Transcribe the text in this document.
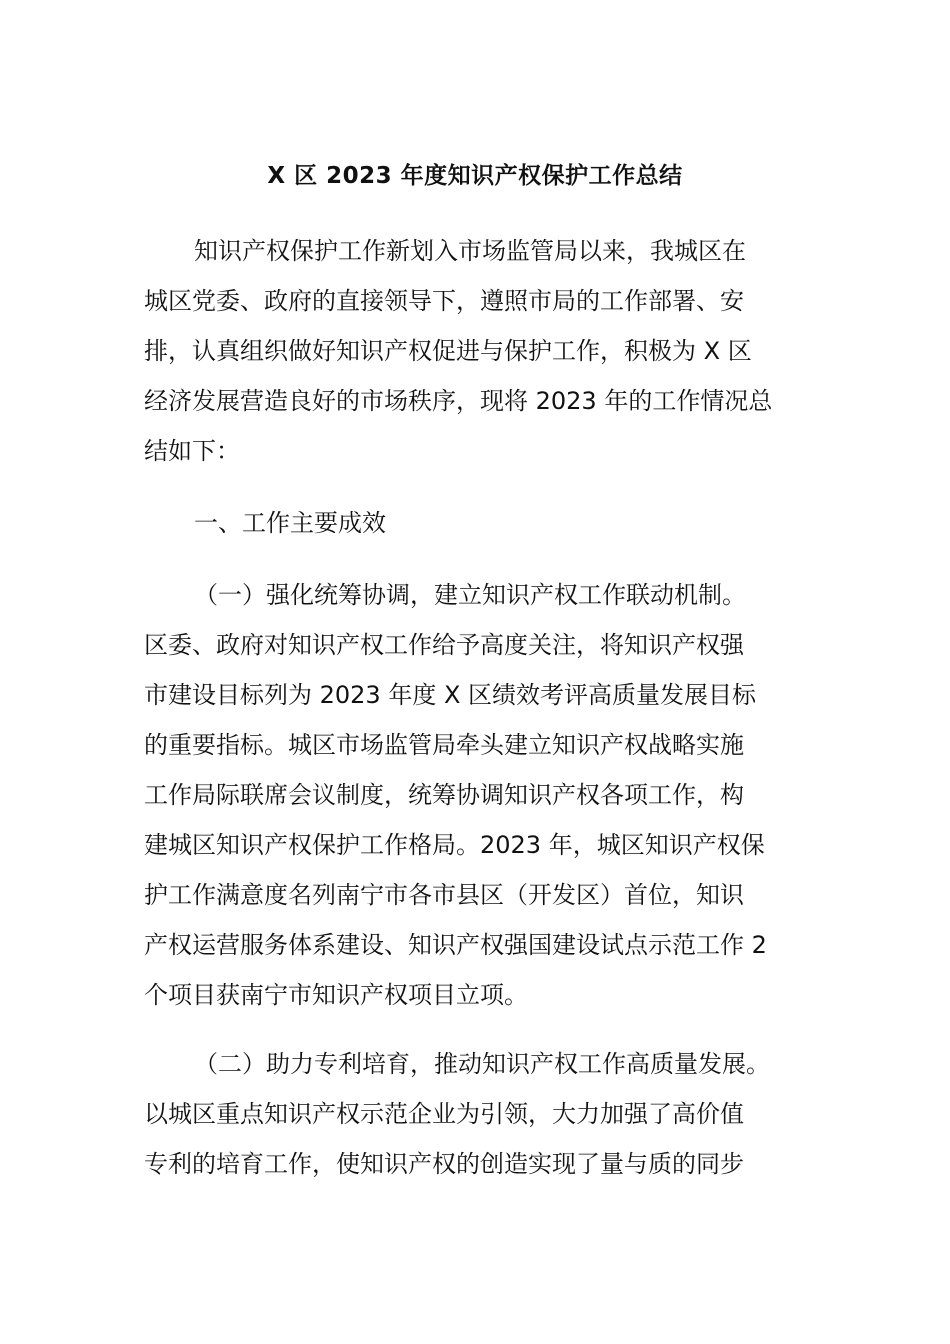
X 区 2023 年度知识产权保护工作总结
知识产权保护工作新划入市场监管局以来，我城区在
城区党委、政府的直接领导下，遵照市局的工作部署、安
排，认真组织做好知识产权促进与保护工作，积极为 X 区
经济发展营造良好的市场秩序，现将 2023 年的工作情况总
结如下：
一、工作主要成效
（一）强化统筹协调，建立知识产权工作联动机制。
区委、政府对知识产权工作给予高度关注，将知识产权强
市建设目标列为 2023 年度 X 区绩效考评高质量发展目标
的重要指标。城区市场监管局牵头建立知识产权战略实施
工作局际联席会议制度，统筹协调知识产权各项工作，构
建城区知识产权保护工作格局。2023 年，城区知识产权保
护工作满意度名列南宁市各市县区（开发区）首位，知识
产权运营服务体系建设、知识产权强国建设试点示范工作 2
个项目获南宁市知识产权项目立项。
（二）助力专利培育，推动知识产权工作高质量发展。
以城区重点知识产权示范企业为引领，大力加强了高价值
专利的培育工作，使知识产权的创造实现了量与质的同步
